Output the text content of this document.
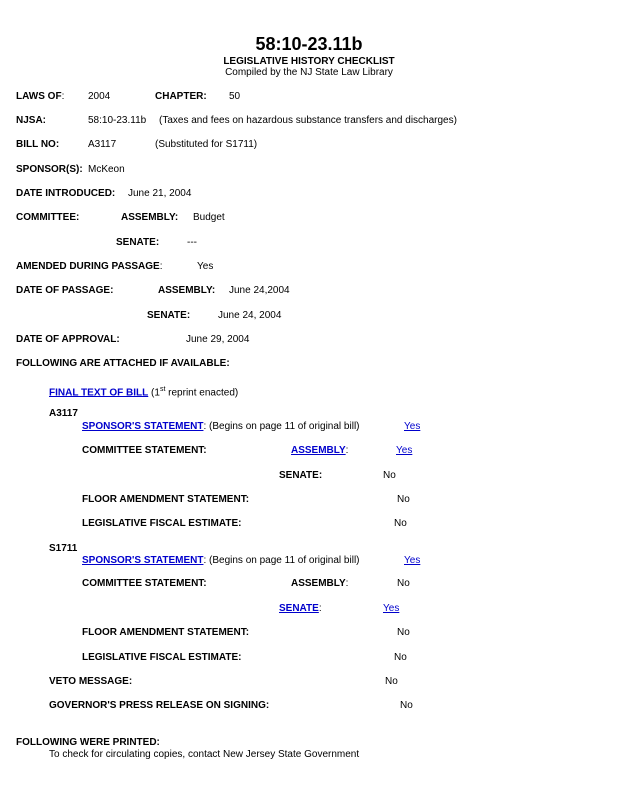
58:10-23.11b
LEGISLATIVE HISTORY CHECKLIST
Compiled by the NJ State Law Library
LAWS OF: 2004	CHAPTER: 50
NJSA:	58:10-23.11b (Taxes and fees on hazardous substance transfers and discharges)
BILL NO:	A3117	(Substituted for S1711)
SPONSOR(S): McKeon
DATE INTRODUCED: June 21, 2004
COMMITTEE:	ASSEMBLY: Budget
SENATE:	---
AMENDED DURING PASSAGE:	Yes
DATE OF PASSAGE:	ASSEMBLY: June 24,2004
SENATE:	June 24, 2004
DATE OF APPROVAL:	June 29, 2004
FOLLOWING ARE ATTACHED IF AVAILABLE:
FINAL TEXT OF BILL (1st reprint enacted)
A3117
SPONSOR'S STATEMENT: (Begins on page 11 of original bill)	Yes
COMMITTEE STATEMENT:	ASSEMBLY:	Yes
SENATE:	No
FLOOR AMENDMENT STATEMENT:	No
LEGISLATIVE FISCAL ESTIMATE:	No
S1711
SPONSOR'S STATEMENT: (Begins on page 11 of original bill)	Yes
COMMITTEE STATEMENT:	ASSEMBLY:	No
SENATE:	Yes
FLOOR AMENDMENT STATEMENT:	No
LEGISLATIVE FISCAL ESTIMATE:	No
VETO MESSAGE:	No
GOVERNOR'S PRESS RELEASE ON SIGNING:	No
FOLLOWING WERE PRINTED:
To check for circulating copies, contact New Jersey State Government
